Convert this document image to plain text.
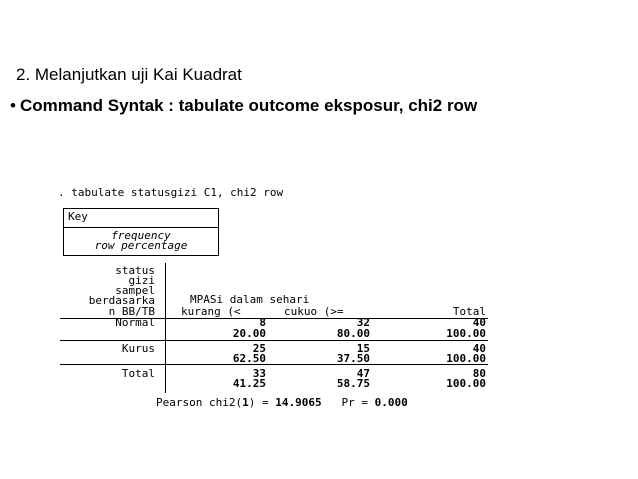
2. Melanjutkan uji Kai Kuadrat
• Command Syntak : tabulate outcome eksposur, chi2 row
. tabulate statusgizi C1, chi2 row
Key
frequency
row percentage
status
gizi
sampel
berdasarka
n BB/TB
MPASi dalam sehari
kurang (<	cukuo (>=	Total
Normal	8	32	40
20.00	80.00	100.00
Kurus	25	15	40
62.50	37.50	100.00
Total	33	47	80
41.25	58.75	100.00
Pearson chi2(1) = 14.9065 Pr = 0.000
